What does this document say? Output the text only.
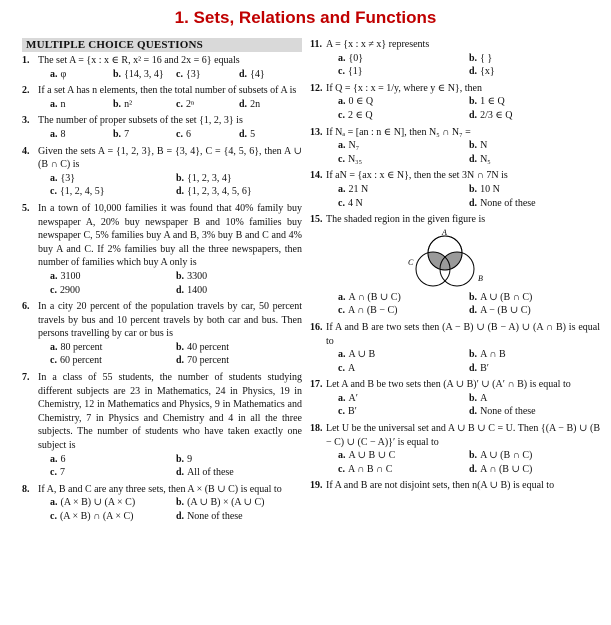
1. Sets, Relations and Functions
MULTIPLE CHOICE QUESTIONS
1. The set A = {x : x ∈ R, x² = 16 and 2x = 6} equals
a. φ	b. {14, 3, 4}	c. {3}	d. {4}
2. If a set A has n elements, then the total number of subsets of A is
a. n	b. n²	c. 2ⁿ	d. 2n
3. The number of proper subsets of the set {1, 2, 3} is
a. 8	b. 7	c. 6	d. 5
4. Given the sets A = {1, 2, 3}, B = {3, 4}, C = {4, 5, 6}, then A ∪ (B ∩ C) is
a. {3}	b. {1, 2, 3, 4}
c. {1, 2, 4, 5}	d. {1, 2, 3, 4, 5, 6}
5. In a town of 10,000 families it was found that 40% family buy newspaper A, 20% buy newspaper B and 10% families buy newspaper C, 5% families buy A and B, 3% buy B and C and 4% buy A and C. If 2% families buy all the three newspapers, then number of families which buy A only is
a. 3100	b. 3300
c. 2900	d. 1400
6. In a city 20 percent of the population travels by car, 50 percent travels by bus and 10 percent travels by both car and bus. Then persons travelling by car or bus is
a. 80 percent	b. 40 percent
c. 60 percent	d. 70 percent
7. In a class of 55 students, the number of students studying different subjects are 23 in Mathematics, 24 in Physics, 19 in Chemistry, 12 in Mathematics and Physics, 9 in Mathematics and Chemistry, 7 in Physics and Chemistry and 4 in all the three subjects. The number of students who have taken exactly one subject is
a. 6	b. 9
c. 7	d. All of these
8. If A, B and C are any three sets, then A × (B ∪ C) is equal to
a. (A × B) ∪ (A × C)	b. (A ∪ B) × (A ∪ C)
c. (A × B) ∩ (A × C)	d. None of these
11. A = {x : x ≠ x} represents
a. {0}	b. { }
c. {1}	d. {x}
12. If Q = {x : x = 1/y, where y ∈ N}, then
a. 0 ∈ Q	b. 1 ∈ Q
c. 2 ∈ Q	d. 2/3 ∈ Q
13. If Nₐ = [an : n ∈ N], then N₅ ∩ N₇ =
a. N₇	b. N
c. N₃₅	d. N₅
14. If aN = {ax : x ∈ N}, then the set 3N ∩ 7N is
a. 21 N	b. 10 N
c. 4 N	d. None of these
15. The shaded region in the given figure is
A
C
B
a. A ∩ (B ∪ C)	b. A ∪ (B ∩ C)
c. A ∩ (B − C)	d. A − (B ∪ C)
16. If A and B are two sets then (A − B) ∪ (B − A) ∪ (A ∩ B) is equal to
a. A ∪ B	b. A ∩ B
c. A	d. B′
17. Let A and B be two sets then (A ∪ B)′ ∪ (A′ ∩ B) is equal to
a. A′	b. A
c. B′	d. None of these
18. Let U be the universal set and A ∪ B ∪ C = U. Then {(A − B) ∪ (B − C) ∪ (C − A)}′ is equal to
a. A ∪ B ∪ C	b. A ∪ (B ∩ C)
c. A ∩ B ∩ C	d. A ∩ (B ∪ C)
19. If A and B are not disjoint sets, then n(A ∪ B) is equal to
